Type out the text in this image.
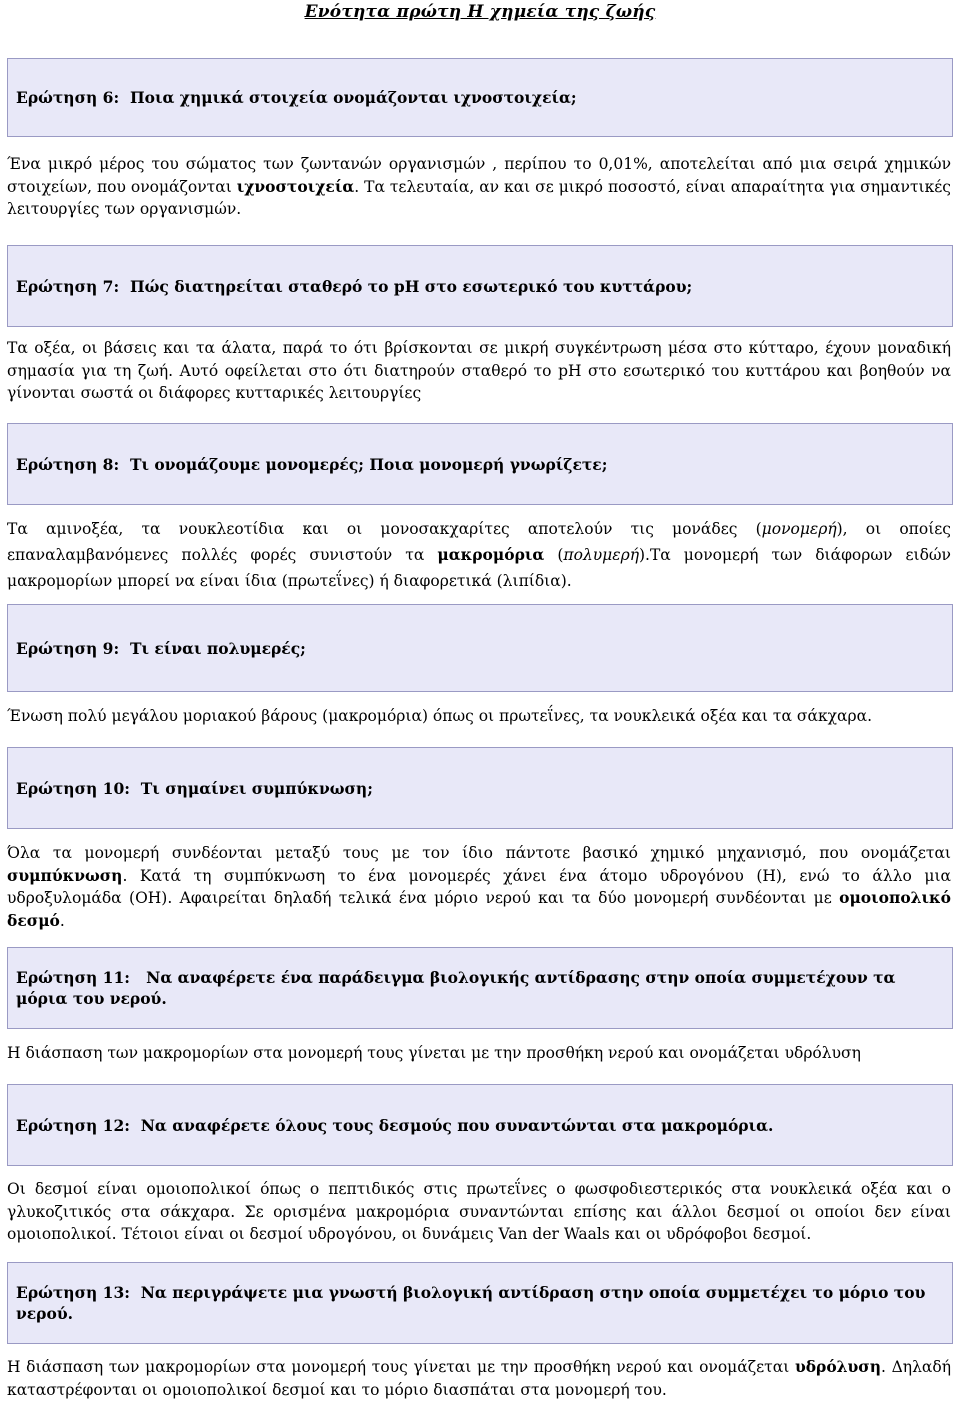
Ενότητα πρώτη Η χημεία της ζωής
Ερώτηση 6:
Ποια χημικά στοιχεία ονομάζονται ιχνοστοιχεία;
Ένα μικρό μέρος του σώματος των ζωντανών οργανισμών , περίπου το 0,01%, αποτελείται από μια σειρά χημικών στοιχείων, που ονομάζονται ιχνοστοιχεία. Τα τελευταία, αν και σε μικρό ποσοστό, είναι απαραίτητα για σημαντικές λειτουργίες των οργανισμών.
Ερώτηση 7:
Πώς διατηρείται σταθερό το pH στο εσωτερικό του κυττάρου;
Τα οξέα, οι βάσεις και τα άλατα, παρά το ότι βρίσκονται σε μικρή συγκέντρωση μέσα στο κύτταρο, έχουν μοναδική σημασία για τη ζωή. Αυτό οφείλεται στο ότι διατηρούν σταθερό το pH στο εσωτερικό του κυττάρου και βοηθούν να γίνονται σωστά οι διάφορες κυτταρικές λειτουργίες
Ερώτηση 8:
Τι ονομάζουμε μονομερές; Ποια μονομερή γνωρίζετε;
Τα αμινοξέα, τα νουκλεοτίδια και οι μονοσακχαρίτες αποτελούν τις μονάδες (μονομερή), οι οποίες επαναλαμβανόμενες πολλές φορές συνιστούν τα μακρομόρια (πολυμερή).Τα μονομερή των διάφορων ειδών μακρομορίων μπορεί να είναι ίδια (πρωτεΐνες) ή διαφορετικά (λιπίδια).
Ερώτηση 9:
Τι είναι πολυμερές;
Ένωση πολύ μεγάλου μοριακού βάρους (μακρομόρια) όπως οι πρωτεΐνες, τα νουκλεικά οξέα και τα σάκχαρα.
Ερώτηση 10:
Τι σημαίνει συμπύκνωση;
Όλα τα μονομερή συνδέονται μεταξύ τους με τον ίδιο πάντοτε βασικό χημικό μηχανισμό, που ονομάζεται συμπύκνωση. Κατά τη συμπύκνωση το ένα μονομερές χάνει ένα άτομο υδρογόνου (Η), ενώ το άλλο μια υδροξυλομάδα (ΟΗ). Αφαιρείται δηλαδή τελικά ένα μόριο νερού και τα δύο μονομερή συνδέονται με ομοιοπολικό δεσμό.
Ερώτηση 11: Να αναφέρετε ένα παράδειγμα βιολογικής αντίδρασης στην οποία συμμετέχουν τα μόρια του νερού.
Η διάσπαση των μακρομορίων στα μονομερή τους γίνεται με την προσθήκη νερού και ονομάζεται υδρόλυση
Ερώτηση 12:
Να αναφέρετε όλους τους δεσμούς που συναντώνται στα μακρομόρια.
Οι δεσμοί είναι ομοιοπολικοί όπως ο πεπτιδικός στις πρωτεΐνες ο φωσφοδιεστερικός στα νουκλεικά οξέα και ο γλυκοζιτικός στα σάκχαρα. Σε ορισμένα μακρομόρια συναντώνται επίσης και άλλοι δεσμοί οι οποίοι δεν είναι ομοιοπολικοί. Τέτοιοι είναι οι δεσμοί υδρογόνου, οι δυνάμεις Van der Waals και οι υδρόφοβοι δεσμοί.
Ερώτηση 13: Να περιγράψετε μια γνωστή βιολογική αντίδραση στην οποία συμμετέχει το μόριο του νερού.
Η διάσπαση των μακρομορίων στα μονομερή τους γίνεται με την προσθήκη νερού και ονομάζεται υδρόλυση. Δηλαδή καταστρέφονται οι ομοιοπολικοί δεσμοί και το μόριο διασπάται στα μονομερή του.
